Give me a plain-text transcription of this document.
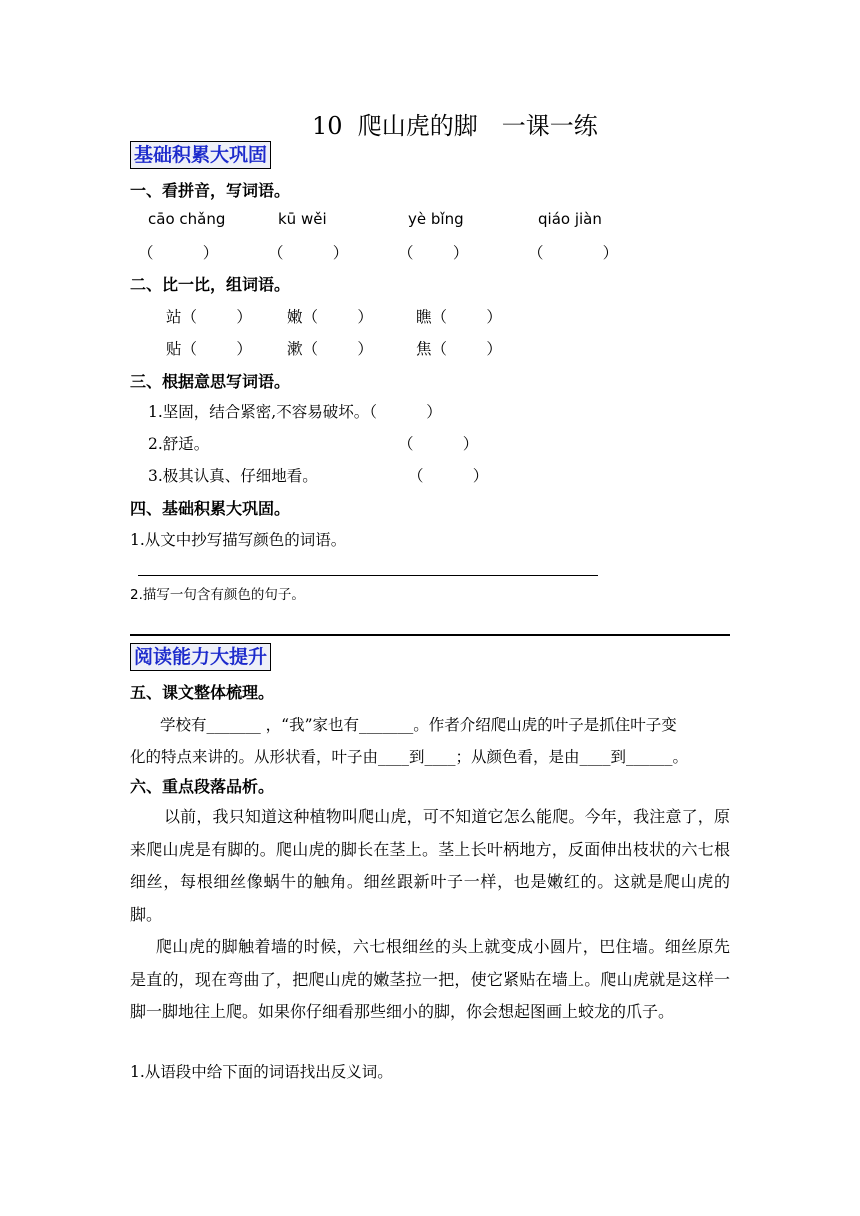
10  爬山虎的脚　一课一练
基础积累大巩固
一、看拼音，写词语。
cāo chǎng	kū wěi	yè bǐng	qiáo jiàn
（          ）	（          ）	（        ）	（            ）
二、比一比，组词语。
站（        ） 嫩（        ）	瞧（        ）
贴（        ） 漱（        ）	焦（        ）
三、根据意思写词语。
1.坚固，结合紧密,不容易破坏。（          ）
2.舒适。	（          ）
3.极其认真、仔细地看。	（          ）
四、基础积累大巩固。
1.从文中抄写描写颜色的词语。
2.描写一句含有颜色的句子。
阅读能力大提升
五、课文整体梳理。
学校有_______ ，“我”家也有_______。作者介绍爬山虎的叶子是抓住叶子变
化的特点来讲的。从形状看，叶子由____到____；从颜色看，是由____到______。
六、重点段落品析。
以前，我只知道这种植物叫爬山虎，可不知道它怎么能爬。今年，我注意了，原来爬山虎是有脚的。爬山虎的脚长在茎上。茎上长叶柄地方，反面伸出枝状的六七根细丝，每根细丝像蜗牛的触角。细丝跟新叶子一样，也是嫩红的。这就是爬山虎的脚。
爬山虎的脚触着墙的时候，六七根细丝的头上就变成小圆片，巴住墙。细丝原先是直的，现在弯曲了，把爬山虎的嫩茎拉一把，使它紧贴在墙上。爬山虎就是这样一脚一脚地往上爬。如果你仔细看那些细小的脚，你会想起图画上蛟龙的爪子。
1.从语段中给下面的词语找出反义词。
